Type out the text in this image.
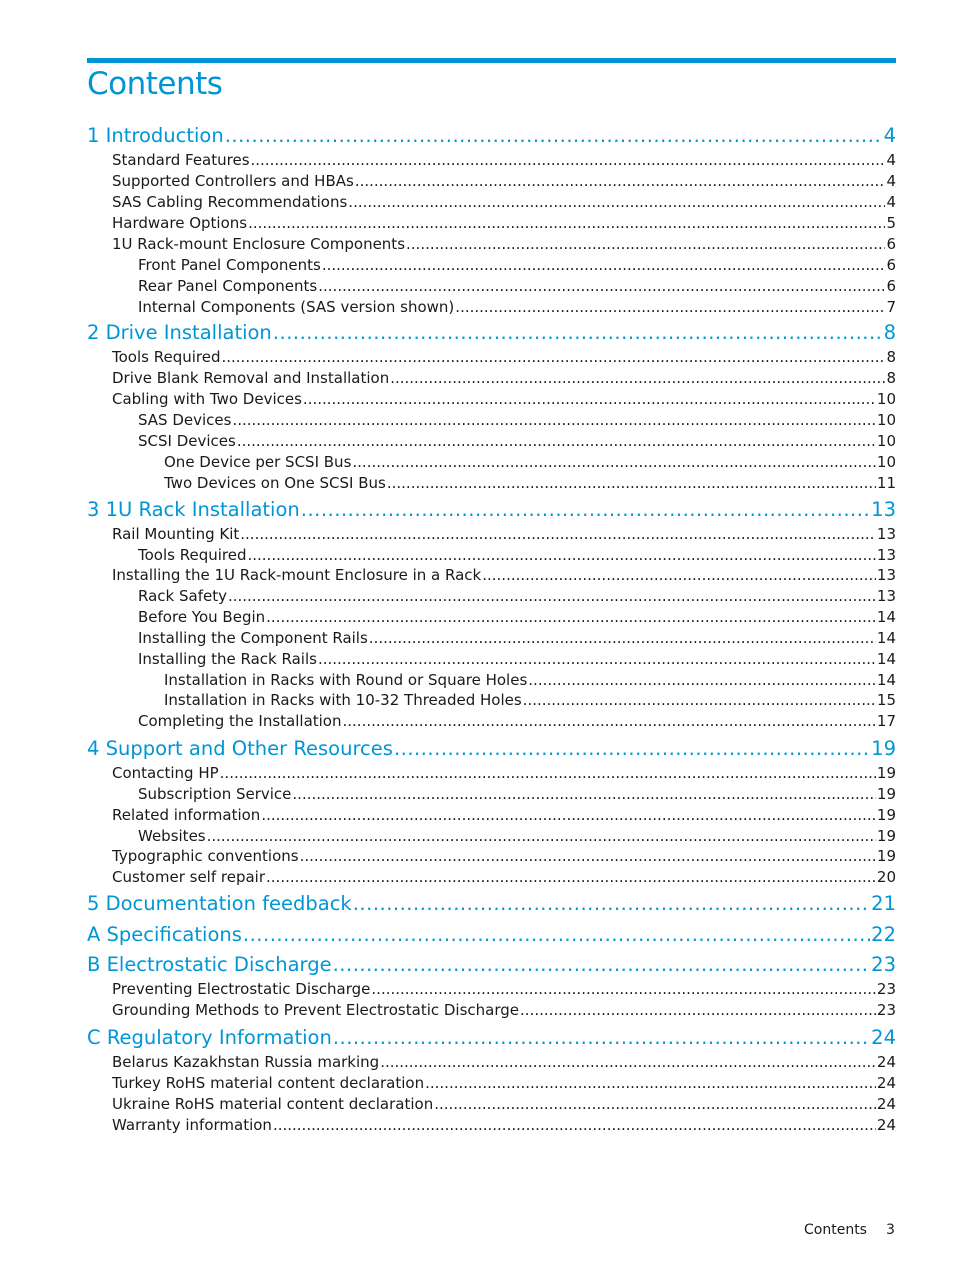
Contents
1 Introduction .....	4
Standard Features .....	4
Supported Controllers and HBAs .....	4
SAS Cabling Recommendations .....	4
Hardware Options .....	5
1U Rack-mount Enclosure Components .....	6
Front Panel Components .....	6
Rear Panel Components .....	6
Internal Components (SAS version shown) .....	7
2 Drive Installation .....	8
Tools Required .....	8
Drive Blank Removal and Installation .....	8
Cabling with Two Devices .....	10
SAS Devices .....	10
SCSI Devices .....	10
One Device per SCSI Bus .....	10
Two Devices on One SCSI Bus .....	11
3 1U Rack Installation .....	13
Rail Mounting Kit .....	13
Tools Required .....	13
Installing the 1U Rack-mount Enclosure in a Rack .....	13
Rack Safety .....	13
Before You Begin .....	14
Installing the Component Rails .....	14
Installing the Rack Rails .....	14
Installation in Racks with Round or Square Holes .....	14
Installation in Racks with 10-32 Threaded Holes .....	15
Completing the Installation .....	17
4 Support and Other Resources .....	19
Contacting HP .....	19
Subscription Service .....	19
Related information .....	19
Websites .....	19
Typographic conventions .....	19
Customer self repair .....	20
5 Documentation feedback .....	21
A Specifications .....	22
B Electrostatic Discharge .....	23
Preventing Electrostatic Discharge .....	23
Grounding Methods to Prevent Electrostatic Discharge .....	23
C Regulatory Information .....	24
Belarus Kazakhstan Russia marking .....	24
Turkey RoHS material content declaration .....	24
Ukraine RoHS material content declaration .....	24
Warranty information .....	24
Contents 3
